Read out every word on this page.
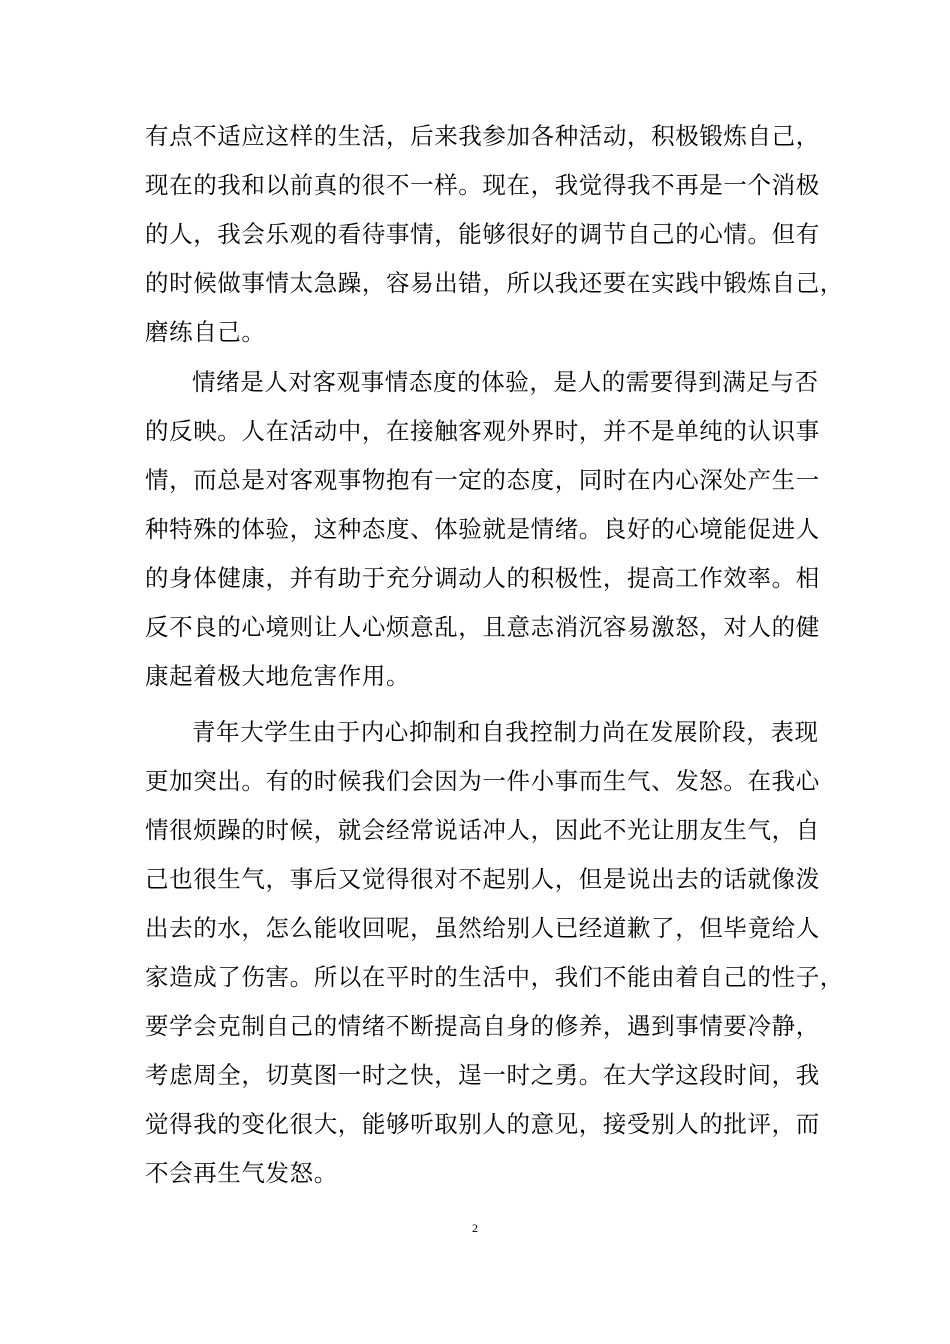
有点不适应这样的生活，后来我参加各种活动，积极锻炼自己，
现在的我和以前真的很不一样。现在，我觉得我不再是一个消极
的人，我会乐观的看待事情，能够很好的调节自己的心情。但有
的时候做事情太急躁，容易出错，所以我还要在实践中锻炼自己，
磨练自己。
情绪是人对客观事情态度的体验，是人的需要得到满足与否
的反映。人在活动中，在接触客观外界时，并不是单纯的认识事
情，而总是对客观事物抱有一定的态度，同时在内心深处产生一
种特殊的体验，这种态度、体验就是情绪。良好的心境能促进人
的身体健康，并有助于充分调动人的积极性，提高工作效率。相
反不良的心境则让人心烦意乱，且意志消沉容易激怒，对人的健
康起着极大地危害作用。
青年大学生由于内心抑制和自我控制力尚在发展阶段，表现
更加突出。有的时候我们会因为一件小事而生气、发怒。在我心
情很烦躁的时候，就会经常说话冲人，因此不光让朋友生气，自
己也很生气，事后又觉得很对不起别人，但是说出去的话就像泼
出去的水，怎么能收回呢，虽然给别人已经道歉了，但毕竟给人
家造成了伤害。所以在平时的生活中，我们不能由着自己的性子，
要学会克制自己的情绪不断提高自身的修养，遇到事情要冷静，
考虑周全，切莫图一时之快，逞一时之勇。在大学这段时间，我
觉得我的变化很大，能够听取别人的意见，接受别人的批评，而
不会再生气发怒。
2
